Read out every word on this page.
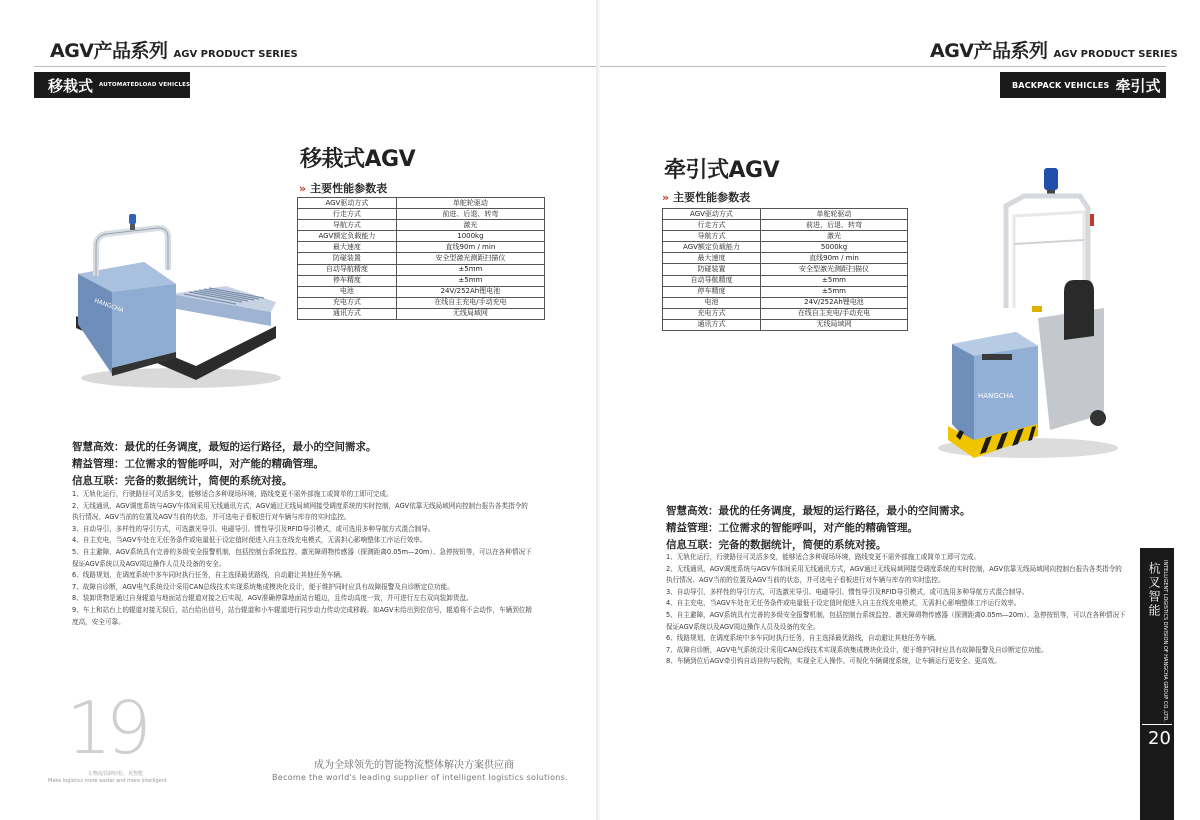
AGV产品系列 AGV PRODUCT SERIES
移栽式 AUTOMATEDLOAD VEHICLES
HANGCHA
移栽式AGV
» 主要性能参数表
AGV驱动方式	单舵轮驱动
行走方式	前进、后退、转弯
导航方式	激光
AGV额定负载能力	1000kg
最大速度	直线90m / min
防碰装置	安全型激光测距扫描仪
自动导航精度	±5mm
停车精度	±5mm
电池	24V/252Ah锂电池
充电方式	在线自主充电/手动充电
通讯方式	无线局域网
智慧高效：最优的任务调度，最短的运行路径，最小的空间需求。
精益管理：工位需求的智能呼叫，对产能的精确管理。
信息互联：完备的数据统计，简便的系统对接。

1、无轨化运行，行驶路径可灵活多变，能够适合多种现场环境，路线变更不需外部施工或简单的工即可完成。

2、无线通讯，AGV调度系统与AGV车体间采用无线通讯方式，AGV通过无线局域网接受调度系统的实时控制，AGV依靠无线局域网向控制台报告各类指令的执行情况、AGV当前的位置及AGV当前的状态，并可选电子看板进行对车辆与库存的实时监控。

3、自动导引，多样性的导引方式，可选激光导引、电磁导引、惯性导引及RFID导引模式，或可选用多种导航方式混合制导。

4、自主充电，当AGV车处在无任务条件或电量低于设定值时便进入自主在线充电模式，无需担心影响整体工序运行效率。

5、自主避障，AGV系统具有完善的多级安全报警机制，包括控制台系统监控、激光障碍物传感器（探测距离0.05m—20m）、急停按钮等，可以在各种情况下保证AGV系统以及AGV周边操作人员及设备的安全。

6、线路规划，在调度系统中多车同时执行任务，自主选择最优路线，自动避让其他任务车辆。

7、故障自诊断，AGV电气系统设计采用CAN总线技术实现系统集成模块化设计，便于维护同时应具有故障报警及自诊断定位功能。

8、装卸货物是通过自身辊道与地面站台辊道对接之后实现，AGV准确停靠地面站台辊边，且传动高度一致，并可进行左右双向装卸货盘。

9、车上和站台上的辊道对接无误后，站台给出信号，站台辊道和小车辊道进行同步动力传动完成移载。如AGV未给出到位信号，辊道将不会动作，车辆到位精度高，安全可靠。

19
让物流装卸轻松、更智能
Make logistics more easier and more intelligent
成为全球领先的智能物流整体解决方案供应商
Become the world's leading supplier of intelligent logistics solutions.
AGV产品系列 AGV PRODUCT SERIES
BACKPACK VEHICLES 牵引式
牵引式AGV
» 主要性能参数表
AGV驱动方式	单舵轮驱动
行走方式	前进、后退、转弯
导航方式	激光
AGV额定负载能力	5000kg
最大速度	直线90m / min
防碰装置	安全型激光测距扫描仪
自动导航精度	±5mm
停车精度	±5mm
电池	24V/252Ah锂电池
充电方式	在线自主充电/手动充电
通讯方式	无线局域网
HANGCHA
智慧高效：最优的任务调度，最短的运行路径，最小的空间需求。
精益管理：工位需求的智能呼叫，对产能的精确管理。
信息互联：完备的数据统计，简便的系统对接。

1、无轨化运行，行驶路径可灵活多变，能够适合多种现场环境，路线变更不需外部施工或简单工即可完成。

2、无线通讯，AGV调度系统与AGV车体间采用无线通讯方式，AGV通过无线局域网接受调度系统的实时控制，AGV依靠无线局域网向控制台报告各类指令的执行情况、AGV当前的位置及AGV当前的状态，并可选电子看板进行对车辆与库存的实时监控。

3、自动导引，多样性的导引方式，可选激光导引、电磁导引、惯性导引及RFID导引模式，或可选用多种导航方式混合制导。

4、自主充电，当AGV车处在无任务条件或电量低于设定值时便进入自主在线充电模式，无需担心影响整体工序运行效率。

5、自主避障，AGV系统具有完善的多级安全报警机制，包括控制台系统监控、激光障碍物传感器（探测距离0.05m—20m）、急停按钮等，可以在各种情况下保证AGV系统以及AGV周边操作人员及设备的安全。

6、线路规划，在调度系统中多车同时执行任务，自主选择最优路线，自动避让其他任务车辆。

7、故障自诊断，AGV电气系统设计采用CAN总线技术实现系统集成模块化设计，便于维护同时应具有故障报警及自诊断定位功能。

8、车辆到位后AGV牵引钩自动挂钩与脱钩，实现全无人操作。可视化车辆调度系统，让车辆运行更安全、更高效。

杭叉智能 INTELLIGENT LOGISTICS DIVISION OF HANGCHA GROUP CO.,LTD.
20
